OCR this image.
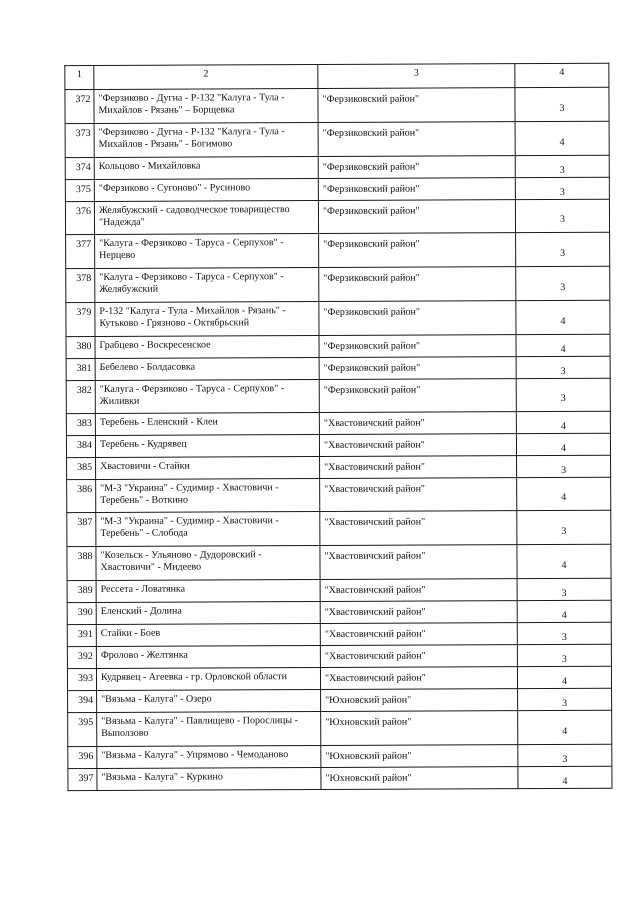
1	2	3	4
372	"Ферзиково - Дугна - Р-132 "Калуга - Тула - Михайлов - Рязань" – Борщевка	"Ферзиковский район"	3
373	"Ферзиково - Дугна - Р-132 "Калуга - Тула - Михайлов - Рязань" - Богимово	"Ферзиковский район"	4
374	Кольцово - Михайловка	"Ферзиковский район"	3
375	"Ферзиково - Сугоново" - Русиново	"Ферзиковский район"	3
376	Желябужский - садоводческое товарищество "Надежда"	"Ферзиковский район"	3
377	"Калуга - Ферзиково - Таруса - Серпухов" - Нерцево	"Ферзиковский район"	3
378	"Калуга - Ферзиково - Таруса - Серпухов" - Желябужский	"Ферзиковский район"	3
379	Р-132 "Калуга - Тула - Михайлов - Рязань" - Кутьково - Грязново - Октябрьский	"Ферзиковский район"	4
380	Грабцево - Воскресенское	"Ферзиковский район"	4
381	Бебелево - Болдасовка	"Ферзиковский район"	3
382	"Калуга - Ферзиково - Таруса - Серпухов" - Жиливки	"Ферзиковский район"	3
383	Теребень - Еленский - Клеи	"Хвастовичский район"	4
384	Теребень - Кудрявец	"Хвастовичский район"	4
385	Хвастовичи - Стайки	"Хвастовичский район"	3
386	"М-3 "Украина" - Судимир - Хвастовичи - Теребень" - Воткино	"Хвастовичский район"	4
387	"М-3 "Украина" - Судимир - Хвастовичи - Теребень" - Слобода	"Хвастовичский район"	3
388	"Козельск - Ульяново - Дудоровский - Хвастовичи" - Мидеево	"Хвастовичский район"	4
389	Рессета - Ловатянка	"Хвастовичский район"	3
390	Еленский - Долина	"Хвастовичский район"	4
391	Стайки - Боев	"Хвастовичский район"	3
392	Фролово - Желтянка	"Хвастовичский район"	3
393	Кудрявец - Агеевка - гр. Орловской области	"Хвастовичский район"	4
394	"Вязьма - Калуга" - Озеро	"Юхновский район"	3
395	"Вязьма - Калуга" - Павлищево - Порослицы - Выползово	"Юхновский район"	4
396	"Вязьма - Калуга" - Упрямово - Чемоданово	"Юхновский район"	3
397	"Вязьма - Калуга" - Куркино	"Юхновский район"	4
